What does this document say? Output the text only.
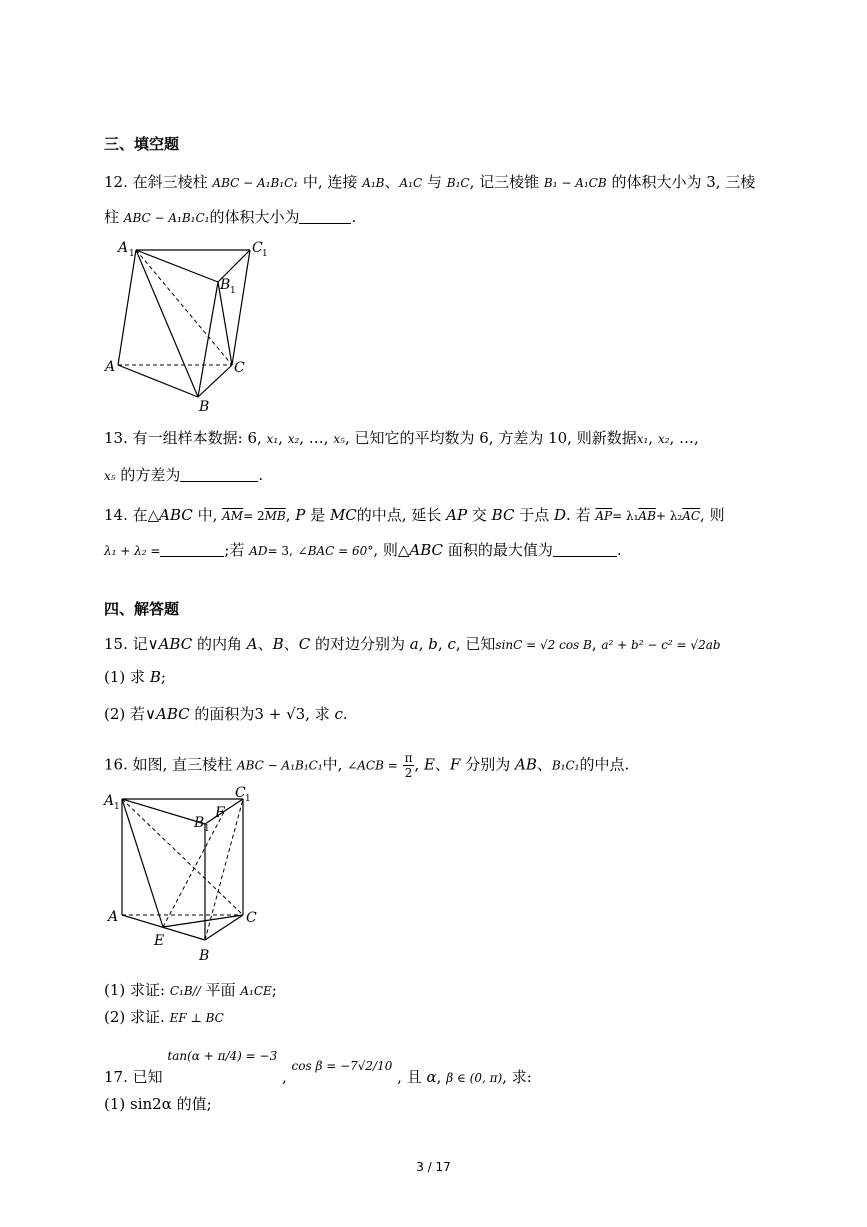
三、填空题
12. 在斜三棱柱 ABC − A₁B₁C₁ 中, 连接 A₁B、A₁C 与 B₁C, 记三棱锥 B₁ − A₁CB 的体积大小为 3, 三棱
柱 ABC − A₁B₁C₁的体积大小为	.
A 1	C 1
B 1
A	C
B
13. 有一组样本数据: 6, x₁, x₂, …, x₅, 已知它的平均数为 6, 方差为 10, 则新数据x₁, x₂, …,
x₅ 的方差为	.
14. 在△ABC 中, $\overline{AM}= 2\overline{MB}$, P 是 MC的中点, 延长 AP 交 BC 于点 D. 若 $\overline{AP}= \lambda_1\overline{AB}+ \lambda_2\overline{AC}$, 则
λ₁ + λ₂ =	;若 AD= 3, ∠BAC = 60°, 则△ABC 面积的最大值为	.
四、解答题
15. 记∨ABC 的内角 A、B、C 的对边分别为 a, b, c, 已知sinC = √2 cos B, a² + b² − c² = √2ab
(1) 求 B;
(2) 若∨ABC 的面积为3 + √3, 求 c.
16. 如图, 直三棱柱 ABC − A₁B₁C₁中, ∠ACB = $\frac{\pi}{2}$ , E、F 分别为 AB、B₁C₁的中点.
A 1
C 1
B 1
F
A	C
E
B
(1) 求证: C₁B// 平面 A₁CE;
(2) 求证. EF ⊥ BC
17. 已知 $^{tan(\alpha + \pi/4) = -3}$ , $^{cos \beta = -7√2/10}$ , 且 α, β ∈ (0, π), 求:
(1) sin2α 的值;
3 / 17
